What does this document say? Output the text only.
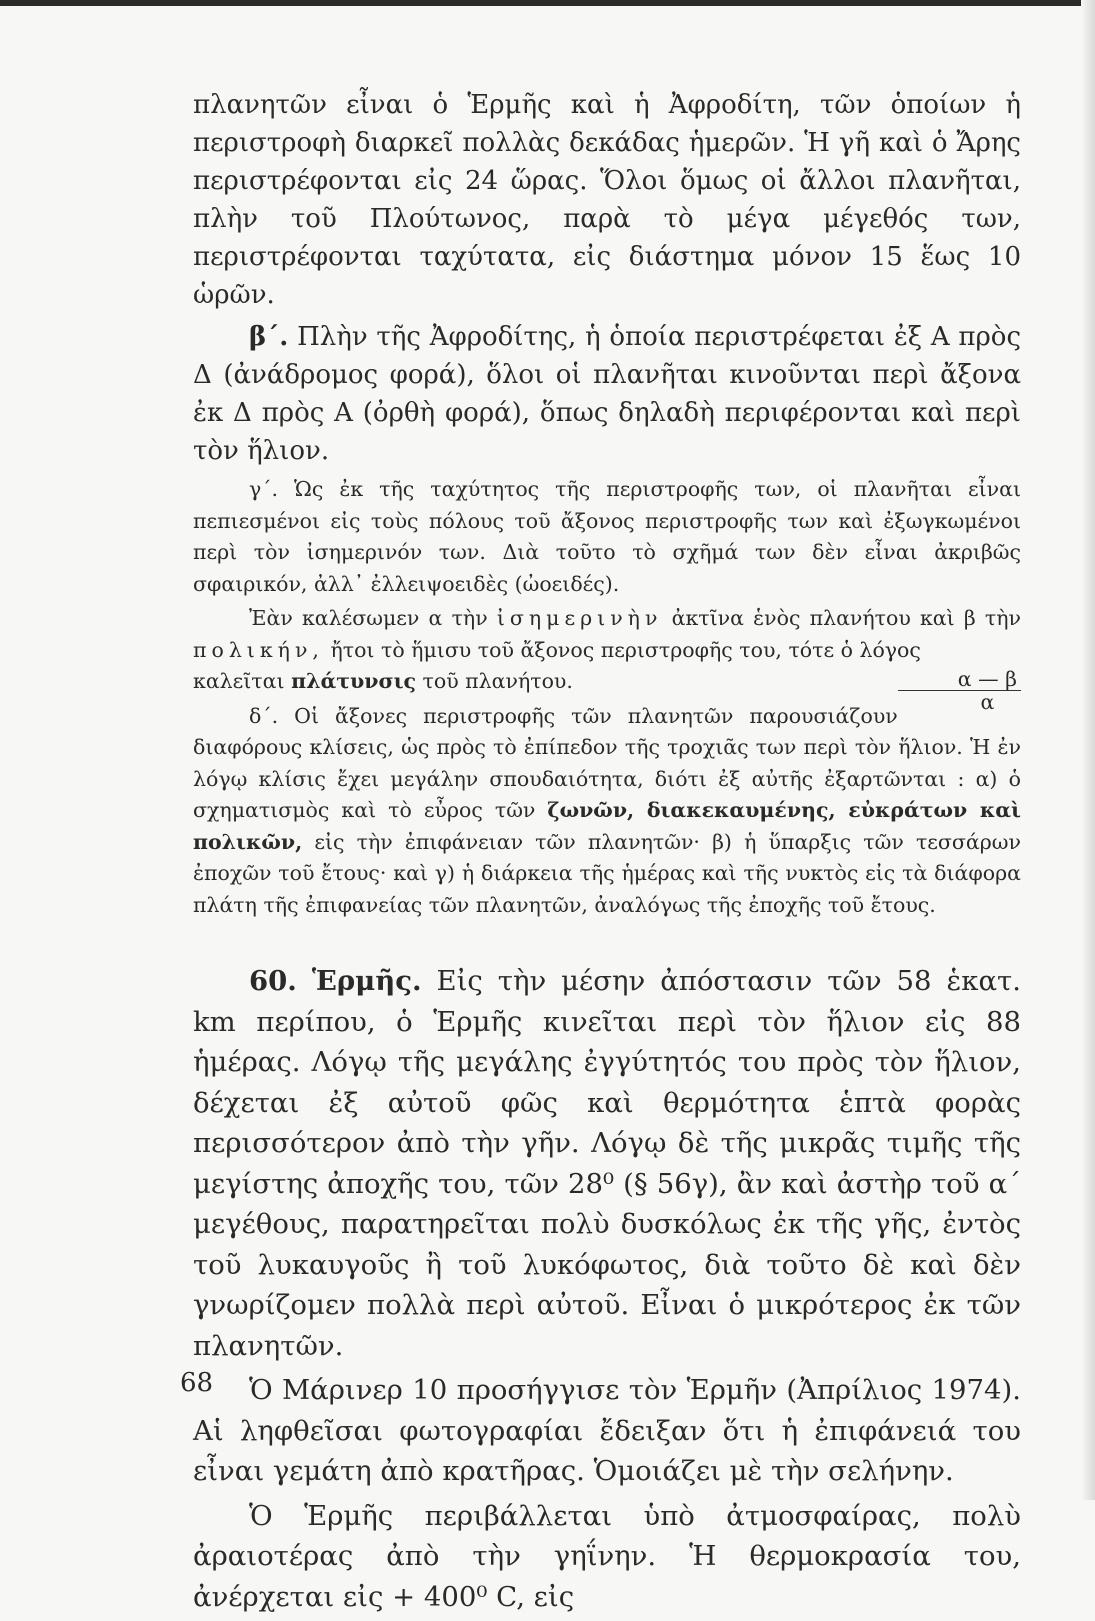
πλανητῶν εἶναι ὁ Ἑρμῆς καὶ ἡ Ἀφροδίτη, τῶν ὁποίων ἡ περιστροφὴ διαρκεῖ πολλὰς δεκάδας ἡμερῶν. Ἡ γῆ καὶ ὁ Ἄρης περιστρέφονται εἰς 24 ὥρας. Ὅλοι ὅμως οἱ ἄλλοι πλανῆται, πλὴν τοῦ Πλούτωνος, παρὰ τὸ μέγα μέγεθός των, περιστρέφονται ταχύτατα, εἰς διάστημα μόνον 15 ἕως 10 ὡρῶν.

β΄. Πλὴν τῆς Ἀφροδίτης, ἡ ὁποία περιστρέφεται ἐξ Α πρὸς Δ (ἀνάδρομος φορά), ὅλοι οἱ πλανῆται κινοῦνται περὶ ἄξονα ἐκ Δ πρὸς Α (ὀρθὴ φορά), ὅπως δηλαδὴ περιφέρονται καὶ περὶ τὸν ἥλιον.

γ΄. Ὡς ἐκ τῆς ταχύτητος τῆς περιστροφῆς των, οἱ πλανῆται εἶναι πεπιεσμένοι εἰς τοὺς πόλους τοῦ ἄξονος περιστροφῆς των καὶ ἐξωγκωμένοι περὶ τὸν ἰσημερινόν των. Διὰ τοῦτο τὸ σχῆμά των δὲν εἶναι ἀκριβῶς σφαιρικόν, ἀλλ᾽ ἐλλειψοειδὲς (ὠοειδές).

Ἐὰν καλέσωμεν α τὴν ἰσημερινὴν ἀκτῖνα ἑνὸς πλανήτου καὶ β τὴν πολικήν, ἤτοι τὸ ἥμισυ τοῦ ἄξονος περιστροφῆς του, τότε ὁ λόγος
$\frac{\alpha — \beta}{\alpha}$

καλεῖται πλάτυνσις τοῦ πλανήτου.

δ΄. Οἱ ἄξονες περιστροφῆς τῶν πλανητῶν παρουσιάζουν διαφόρους κλίσεις, ὡς πρὸς τὸ ἐπίπεδον τῆς τροχιᾶς των περὶ τὸν ἥλιον. Ἡ ἐν λόγῳ κλίσις ἔχει μεγάλην σπουδαιότητα, διότι ἐξ αὐτῆς ἐξαρτῶνται : α) ὁ σχηματισμὸς καὶ τὸ εὖρος τῶν ζωνῶν, διακεκαυμένης, εὐκράτων καὶ πολικῶν, εἰς τὴν ἐπιφάνειαν τῶν πλανητῶν· β) ἡ ὕπαρξις τῶν τεσσάρων ἐποχῶν τοῦ ἔτους· καὶ γ) ἡ διάρκεια τῆς ἡμέρας καὶ τῆς νυκτὸς εἰς τὰ διάφορα πλάτη τῆς ἐπιφανείας τῶν πλανητῶν, ἀναλόγως τῆς ἐποχῆς τοῦ ἔτους.

60. Ἑρμῆς. Εἰς τὴν μέσην ἀπόστασιν τῶν 58 ἑκατ. km περίπου, ὁ Ἑρμῆς κινεῖται περὶ τὸν ἥλιον εἰς 88 ἡμέρας. Λόγῳ τῆς μεγάλης ἐγγύτητός του πρὸς τὸν ἥλιον, δέχεται ἐξ αὐτοῦ φῶς καὶ θερμότητα ἑπτὰ φορὰς περισσότερον ἀπὸ τὴν γῆν. Λόγῳ δὲ τῆς μικρᾶς τιμῆς τῆς μεγίστης ἀποχῆς του, τῶν 28⁰ (§ 56γ), ἂν καὶ ἀστὴρ τοῦ α΄ μεγέθους, παρατηρεῖται πολὺ δυσκόλως ἐκ τῆς γῆς, ἐντὸς τοῦ λυκαυγοῦς ἢ τοῦ λυκόφωτος, διὰ τοῦτο δὲ καὶ δὲν γνωρίζομεν πολλὰ περὶ αὐτοῦ. Εἶναι ὁ μικρότερος ἐκ τῶν πλανητῶν.

Ὁ Μάρινερ 10 προσήγγισε τὸν Ἑρμῆν (Ἀπρίλιος 1974). Αἱ ληφθεῖσαι φωτογραφίαι ἔδειξαν ὅτι ἡ ἐπιφάνειά του εἶναι γεμάτη ἀπὸ κρατῆρας. Ὁμοιάζει μὲ τὴν σελήνην.

Ὁ Ἑρμῆς περιβάλλεται ὑπὸ ἀτμοσφαίρας, πολὺ ἀραιοτέρας ἀπὸ τὴν γηΐνην. Ἡ θερμοκρασία του, ἀνέρχεται εἰς + 400⁰ C, εἰς

68
